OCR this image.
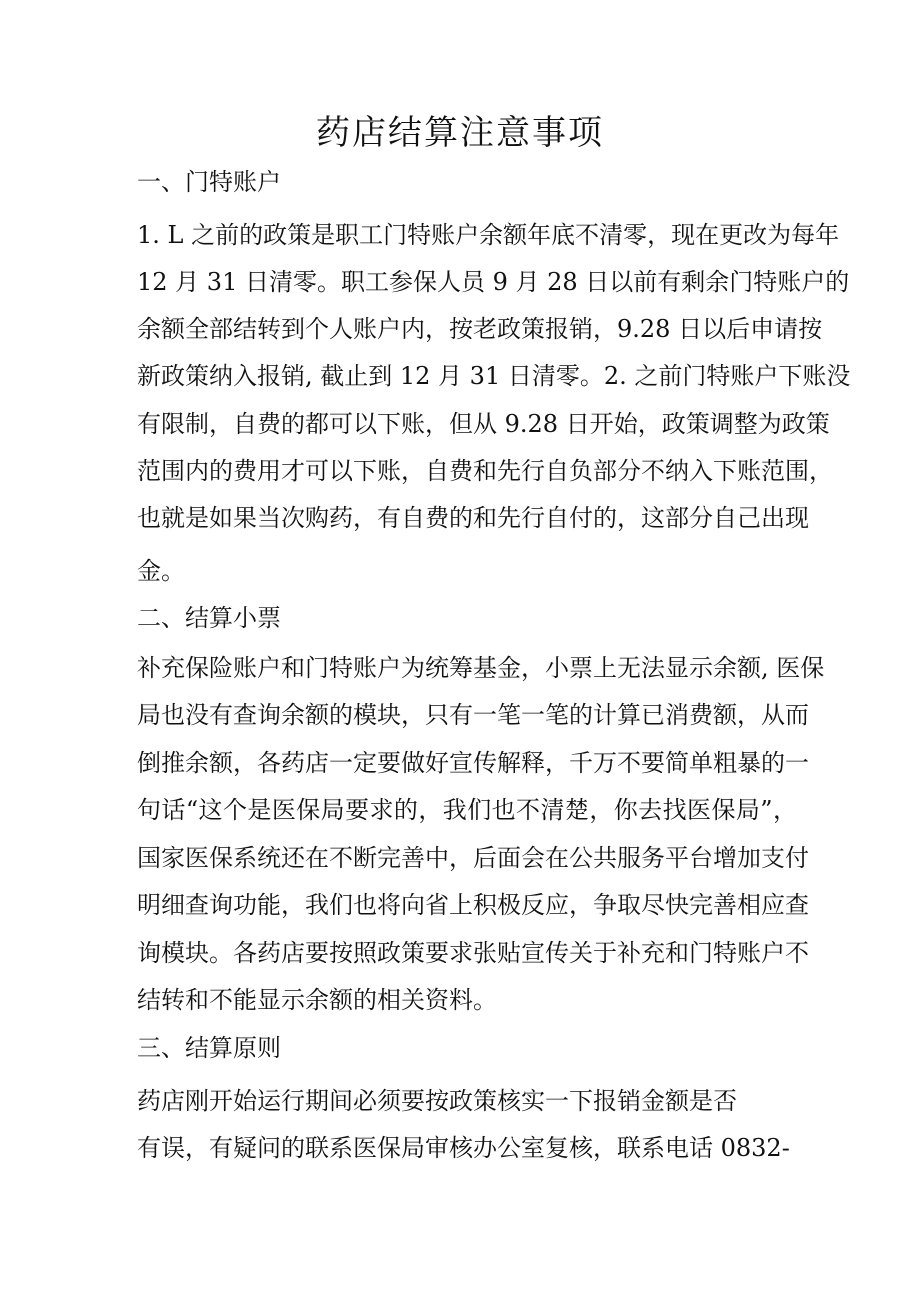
药店结算注意事项
一、门特账户
1. L 之前的政策是职工门特账户余额年底不清零，现在更改为每年
12 月 31 日清零。职工参保人员 9 月 28 日以前有剩余门特账户的
余额全部结转到个人账户内，按老政策报销，9.28 日以后申请按
新政策纳入报销, 截止到 12 月 31 日清零。2. 之前门特账户下账没
有限制，自费的都可以下账，但从 9.28 日开始，政策调整为政策
范围内的费用才可以下账，自费和先行自负部分不纳入下账范围，
也就是如果当次购药，有自费的和先行自付的，这部分自己出现
金。
二、结算小票
补充保险账户和门特账户为统筹基金，小票上无法显示余额, 医保
局也没有查询余额的模块，只有一笔一笔的计算已消费额，从而
倒推余额，各药店一定要做好宣传解释，千万不要简单粗暴的一
句话“这个是医保局要求的，我们也不清楚，你去找医保局”，
国家医保系统还在不断完善中，后面会在公共服务平台增加支付
明细查询功能，我们也将向省上积极反应，争取尽快完善相应查
询模块。各药店要按照政策要求张贴宣传关于补充和门特账户不
结转和不能显示余额的相关资料。
三、结算原则
药店刚开始运行期间必须要按政策核实一下报销金额是否
有误，有疑问的联系医保局审核办公室复核，联系电话 0832-
